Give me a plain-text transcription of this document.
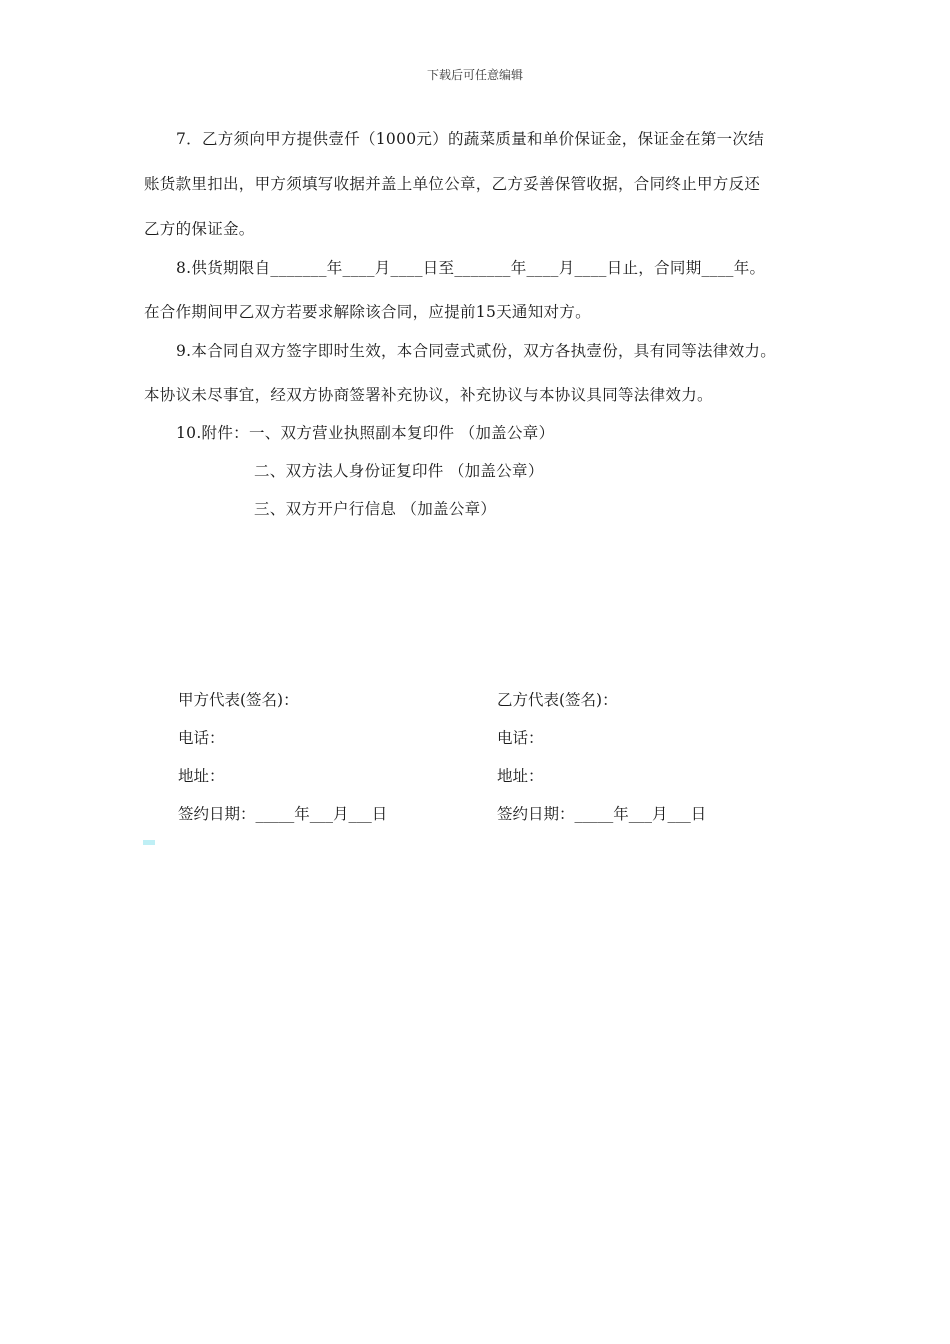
下载后可任意编辑
7．乙方须向甲方提供壹仟（1000元）的蔬菜质量和单价保证金，保证金在第一次结
账货款里扣出，甲方须填写收据并盖上单位公章，乙方妥善保管收据，合同终止甲方反还
乙方的保证金。
8.供货期限自_______年____月____日至_______年____月____日止，合同期____年。
在合作期间甲乙双方若要求解除该合同，应提前15天通知对方。
9.本合同自双方签字即时生效，本合同壹式贰份，双方各执壹份，具有同等法律效力。
本协议未尽事宜，经双方协商签署补充协议，补充协议与本协议具同等法律效力。
10.附件：一、双方营业执照副本复印件 （加盖公章）
二、双方法人身份证复印件 （加盖公章）
三、双方开户行信息 （加盖公章）
甲方代表(签名)：
电话：
地址：
签约日期：_____年___月___日
乙方代表(签名)：
电话：
地址：
签约日期：_____年___月___日
